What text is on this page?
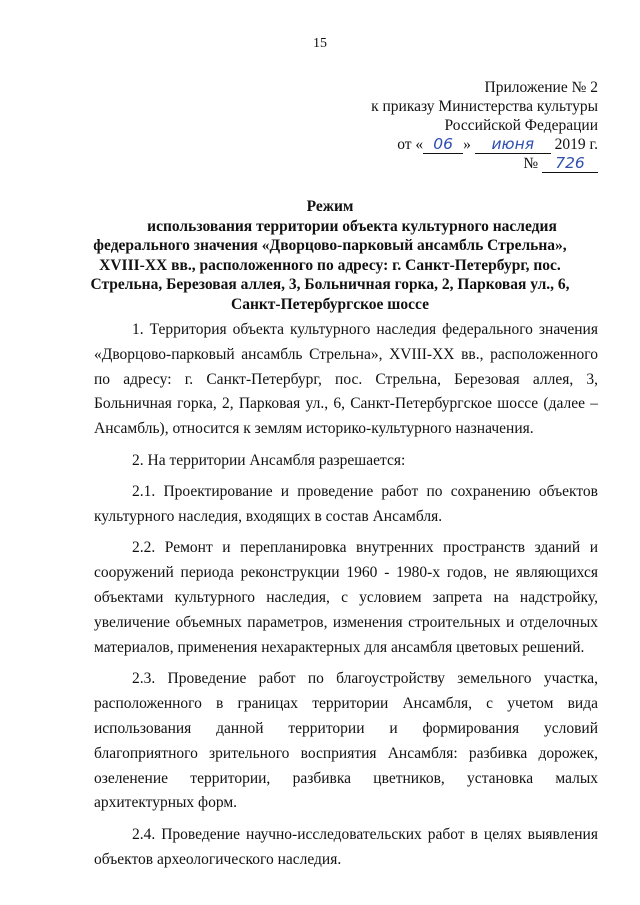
15
Приложение № 2
к приказу Министерства культуры
Российской Федерации
от « 06 » июня 2019 г.
№ 726
Режим
использования территории объекта культурного наследия
федерального значения «Дворцово-парковый ансамбль Стрельна»,
XVIII-XX вв., расположенного по адресу: г. Санкт-Петербург, пос.
Стрельна, Березовая аллея, 3, Больничная горка, 2, Парковая ул., 6,
Санкт-Петербургское шоссе

1. Территория объекта культурного наследия федерального значения «Дворцово-парковый ансамбль Стрельна», XVIII-XX вв., расположенного по адресу: г. Санкт-Петербург, пос. Стрельна, Березовая аллея, 3, Больничная горка, 2, Парковая ул., 6, Санкт-Петербургское шоссе (далее – Ансамбль), относится к землям историко-культурного назначения.

2. На территории Ансамбля разрешается:

2.1. Проектирование и проведение работ по сохранению объектов культурного наследия, входящих в состав Ансамбля.

2.2. Ремонт и перепланировка внутренних пространств зданий и сооружений периода реконструкции 1960 - 1980-х годов, не являющихся объектами культурного наследия, с условием запрета на надстройку, увеличение объемных параметров, изменения строительных и отделочных материалов, применения нехарактерных для ансамбля цветовых решений.

2.3. Проведение работ по благоустройству земельного участка, расположенного в границах территории Ансамбля, с учетом вида использования данной территории и формирования условий благоприятного зрительного восприятия Ансамбля: разбивка дорожек, озеленение территории, разбивка цветников, установка малых архитектурных форм.

2.4. Проведение научно-исследовательских работ в целях выявления объектов археологического наследия.
